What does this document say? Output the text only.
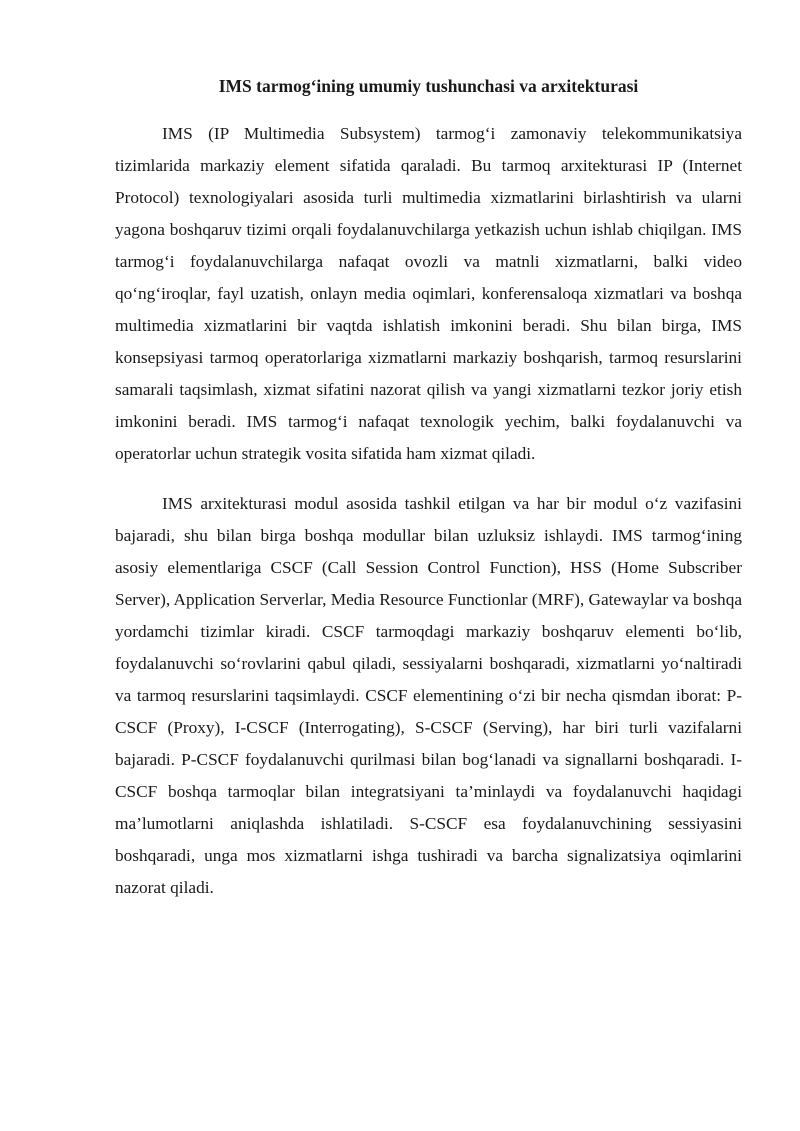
IMS tarmog‘ining umumiy tushunchasi va arxitekturasi

IMS (IP Multimedia Subsystem) tarmog‘i zamonaviy telekommunikatsiya tizimlarida markaziy element sifatida qaraladi. Bu tarmoq arxitekturasi IP (Internet Protocol) texnologiyalari asosida turli multimedia xizmatlarini birlashtirish va ularni yagona boshqaruv tizimi orqali foydalanuvchilarga yetkazish uchun ishlab chiqilgan. IMS tarmog‘i foydalanuvchilarga nafaqat ovozli va matnli xizmatlarni, balki video qo‘ng‘iroqlar, fayl uzatish, onlayn media oqimlari, konferensaloqa xizmatlari va boshqa multimedia xizmatlarini bir vaqtda ishlatish imkonini beradi. Shu bilan birga, IMS konsepsiyasi tarmoq operatorlariga xizmatlarni markaziy boshqarish, tarmoq resurslarini samarali taqsimlash, xizmat sifatini nazorat qilish va yangi xizmatlarni tezkor joriy etish imkonini beradi. IMS tarmog‘i nafaqat texnologik yechim, balki foydalanuvchi va operatorlar uchun strategik vosita sifatida ham xizmat qiladi.

IMS arxitekturasi modul asosida tashkil etilgan va har bir modul o‘z vazifasini bajaradi, shu bilan birga boshqa modullar bilan uzluksiz ishlaydi. IMS tarmog‘ining asosiy elementlariga CSCF (Call Session Control Function), HSS (Home Subscriber Server), Application Serverlar, Media Resource Functionlar (MRF), Gatewaylar va boshqa yordamchi tizimlar kiradi. CSCF tarmoqdagi markaziy boshqaruv elementi bo‘lib, foydalanuvchi so‘rovlarini qabul qiladi, sessiyalarni boshqaradi, xizmatlarni yo‘naltiradi va tarmoq resurslarini taqsimlaydi. CSCF elementining o‘zi bir necha qismdan iborat: P-CSCF (Proxy), I-CSCF (Interrogating), S-CSCF (Serving), har biri turli vazifalarni bajaradi. P-CSCF foydalanuvchi qurilmasi bilan bog‘lanadi va signallarni boshqaradi. I-CSCF boshqa tarmoqlar bilan integratsiyani ta’minlaydi va foydalanuvchi haqidagi ma’lumotlarni aniqlashda ishlatiladi. S-CSCF esa foydalanuvchining sessiyasini boshqaradi, unga mos xizmatlarni ishga tushiradi va barcha signalizatsiya oqimlarini nazorat qiladi.
